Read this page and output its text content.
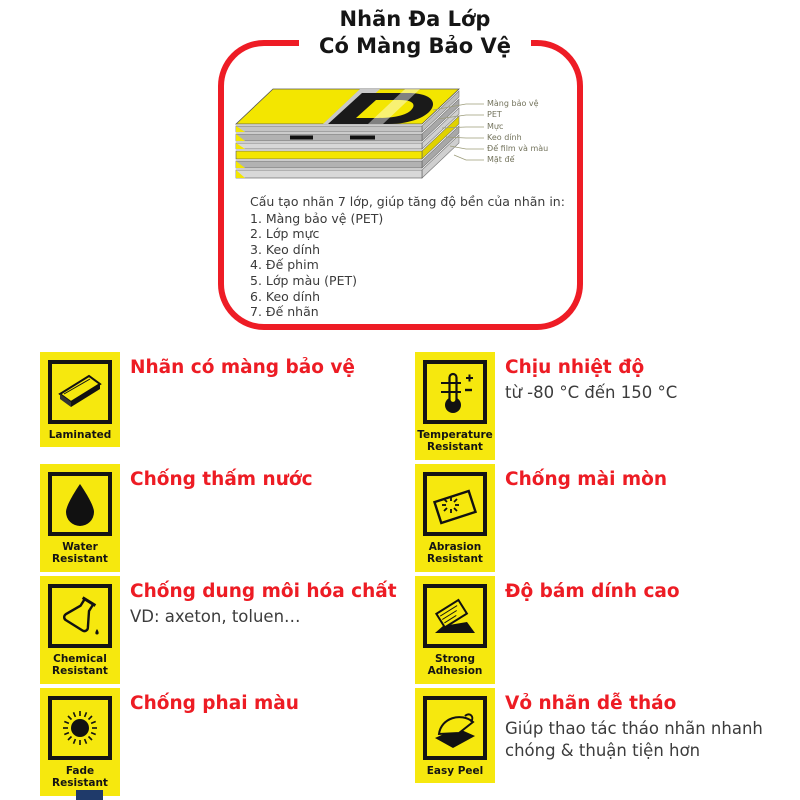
Nhãn Đa Lớp
Có Màng Bảo Vệ
Màng bảo vệ
PET
Mực
Keo dính
Đế film và màu
Mặt đế
Cấu tạo nhãn 7 lớp, giúp tăng độ bền của nhãn in:
1. Màng bảo vệ (PET)
2. Lớp mực
3. Keo dính
4. Đế phim
5. Lớp màu (PET)
6. Keo dính
7. Đế nhãn
Laminated
Nhãn có màng bảo vệ
Temperature Resistant
Chịu nhiệt độ
từ -80 °C đến 150 °C
Water Resistant
Chống thấm nước
Abrasion Resistant
Chống mài mòn
Chemical Resistant
Chống dung môi hóa chất
VD: axeton, toluen…
Strong Adhesion
Độ bám dính cao
Fade Resistant
Chống phai màu
Easy Peel
Vỏ nhãn dễ tháo
Giúp thao tác tháo nhãn nhanh chóng & thuận tiện hơn
